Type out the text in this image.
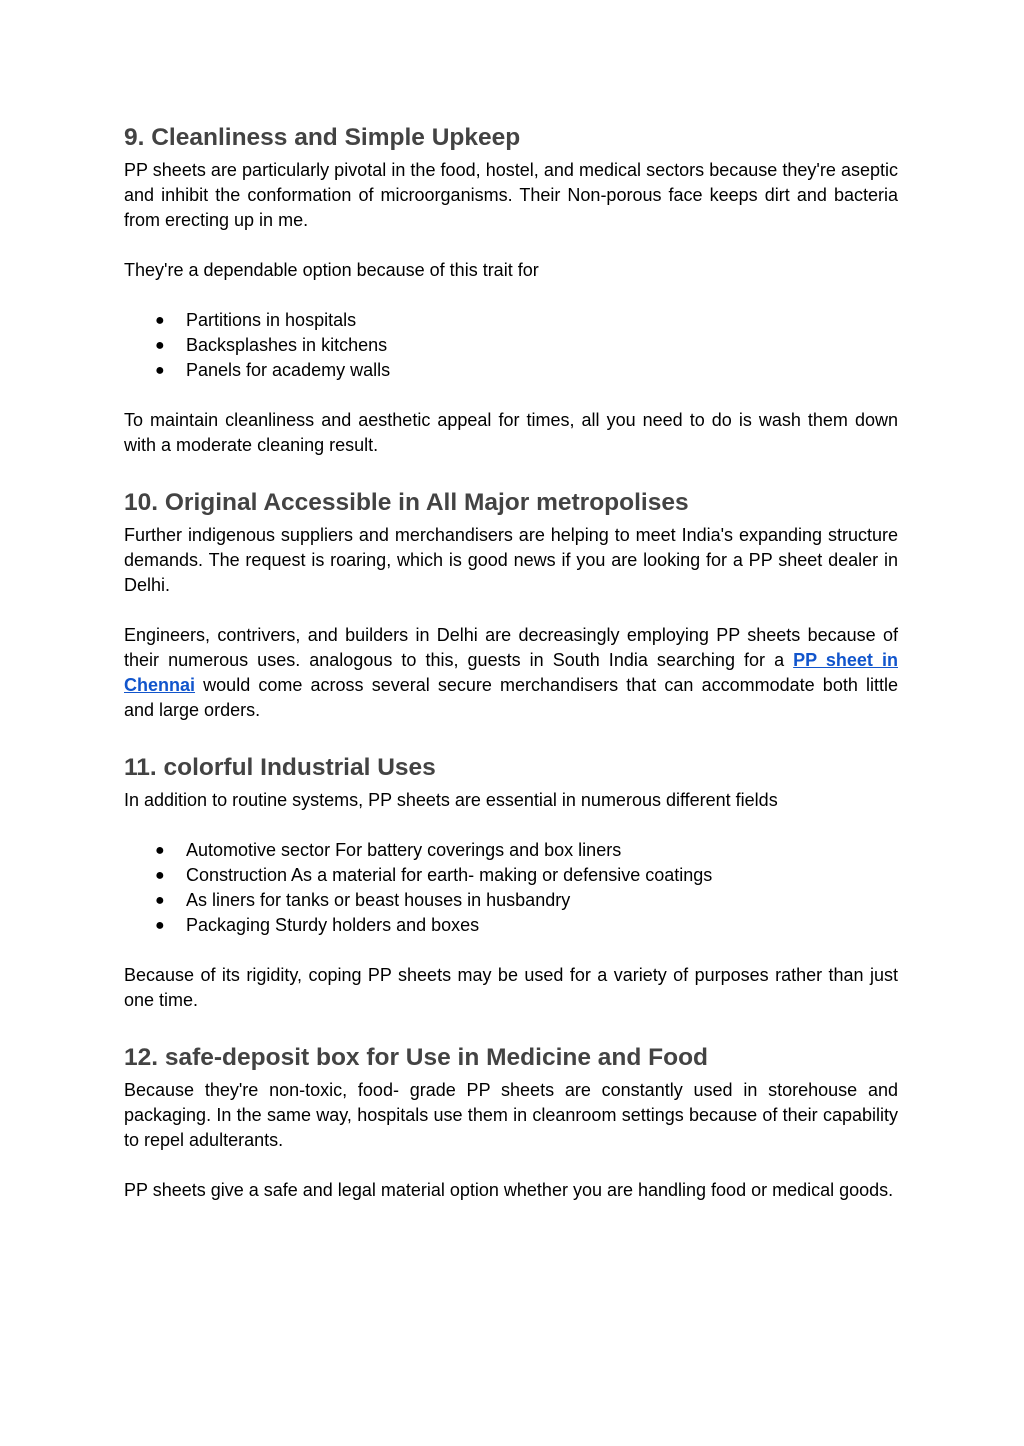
9. Cleanliness and Simple Upkeep

PP sheets are particularly pivotal in the food, hostel, and medical sectors because they're aseptic and inhibit the conformation of microorganisms. Their Non-porous face keeps dirt and bacteria from erecting up in me.

They're a dependable option because of this trait for

● Partitions in hospitals
● Backsplashes in kitchens
● Panels for academy walls

To maintain cleanliness and aesthetic appeal for times, all you need to do is wash them down with a moderate cleaning result.

10. Original Accessible in All Major metropolises

Further indigenous suppliers and merchandisers are helping to meet India's expanding structure demands. The request is roaring, which is good news if you are looking for a PP sheet dealer in Delhi.

Engineers, contrivers, and builders in Delhi are decreasingly employing PP sheets because of their numerous uses. analogous to this, guests in South India searching for a PP sheet in Chennai would come across several secure merchandisers that can accommodate both little and large orders.

11. colorful Industrial Uses

In addition to routine systems, PP sheets are essential in numerous different fields

● Automotive sector For battery coverings and box liners
● Construction As a material for earth- making or defensive coatings
● As liners for tanks or beast houses in husbandry
● Packaging Sturdy holders and boxes

Because of its rigidity, coping PP sheets may be used for a variety of purposes rather than just one time.

12. safe-deposit box for Use in Medicine and Food

Because they're non-toxic, food- grade PP sheets are constantly used in storehouse and packaging. In the same way, hospitals use them in cleanroom settings because of their capability to repel adulterants.

PP sheets give a safe and legal material option whether you are handling food or medical goods.
